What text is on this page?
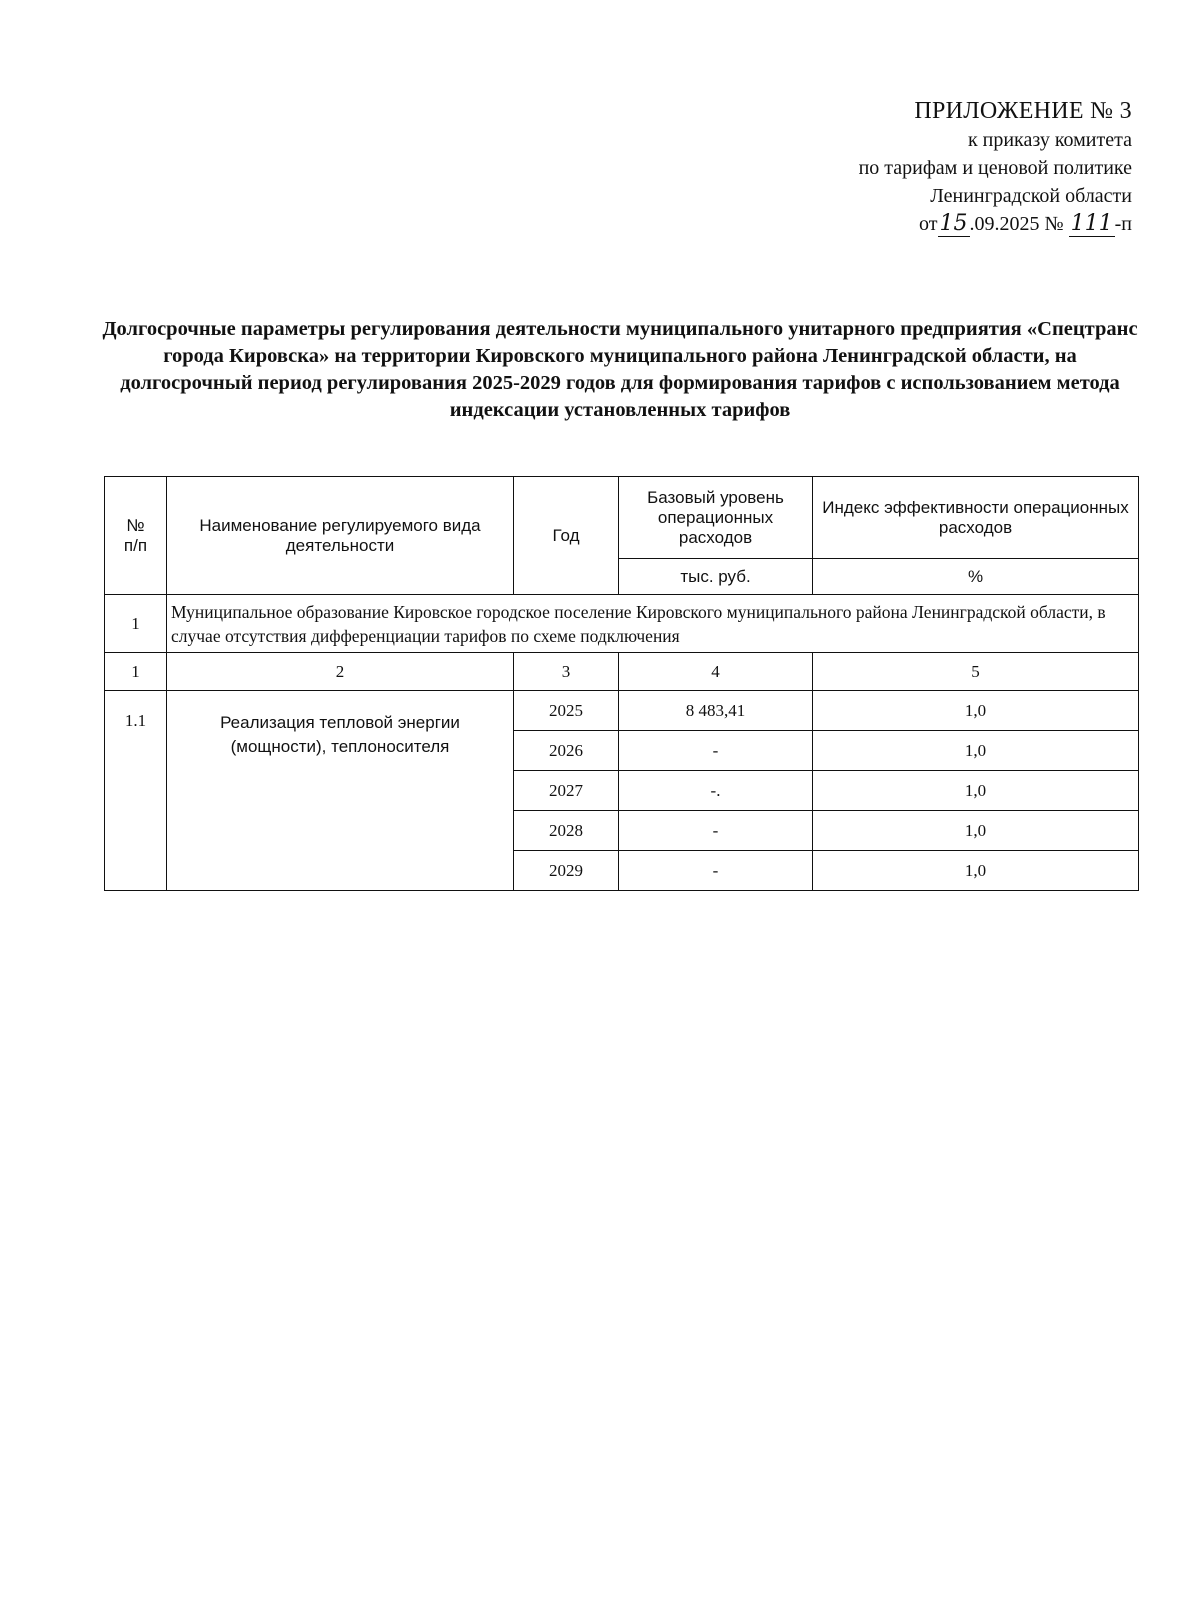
ПРИЛОЖЕНИЕ № 3
к приказу комитета
по тарифам и ценовой политике
Ленинградской области
от15 .09.2025 № 111 -п

Долгосрочные параметры регулирования деятельности муниципального унитарного предприятия «Спецтранс города Кировска» на территории Кировского муниципального района Ленинградской области, на долгосрочный период регулирования 2025-2029 годов для формирования тарифов с использованием метода индексации установленных тарифов

№
п/п	Наименование регулируемого вида деятельности	Год	Базовый уровень операционных расходов	Индекс эффективности операционных расходов
			тыс. руб.	%
1	Муниципальное образование Кировское городское поселение Кировского муниципального района Ленинградской области, в случае отсутствия дифференциации тарифов по схеме подключения			
1	2	3	4	5
1.1	Реализация тепловой энергии (мощности), теплоносителя	2025	8 483,41	1,0
		2026	-	1,0
		2027	-.	1,0
		2028	-	1,0
		2029	-	1,0
